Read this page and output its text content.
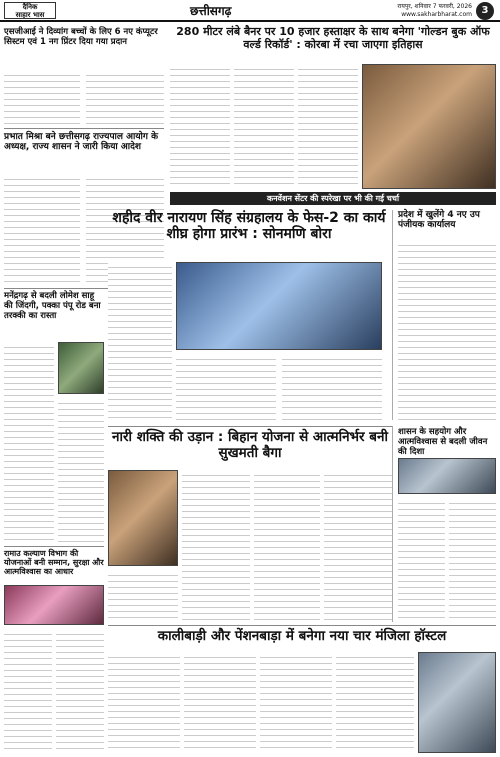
दैनिक
साहार भास	छत्तीसगढ़	रायपुर, शनिवार 7 फरवरी, 2026
www.sakharbharat.com 3
एसजीआई ने दिव्यांग बच्चों के लिए 6 नए कंप्यूटर सिस्टम एवं 1 नग प्रिंटर दिया गया प्रदान
प्रभात मिश्रा बने छत्तीसगढ़ राज्यपाल आयोग के अध्यक्ष, राज्य शासन ने जारी किया आदेश
280 मीटर लंबे बैनर पर 10 हजार हस्ताक्षर के साथ बनेगा 'गोल्डन बुक ऑफ वर्ल्ड रिकॉर्ड' : कोरबा में रचा जाएगा इतिहास
कनवेंशन सेंटर की स्परेखा पर भी की गई चर्चा
शहीद वीर नारायण सिंह संग्रहालय के फेस-2 का कार्य शीघ्र होगा प्रारंभ : सोनमणि बोरा
प्रदेश में खुलेंगे 4 नए उप पंजीयक कार्यालय
मनेंद्रगढ़ से बदली लोमेश साहू की जिंदगी, पक्का पंपू रोड बना तरक्की का रास्ता
रामाउ कल्याण विभाग की योजनाओं बनी सम्मान, सुरक्षा और आत्मविश्वास का आधार
नारी शक्ति की उड़ान : बिहान योजना से आत्मनिर्भर बनी सुखमती बैगा
शासन के सहयोग और आत्मविश्वास से बदली जीवन की दिशा
कालीबाड़ी और पेंशनबाड़ा में बनेगा नया चार मंजिला हॉस्टल
